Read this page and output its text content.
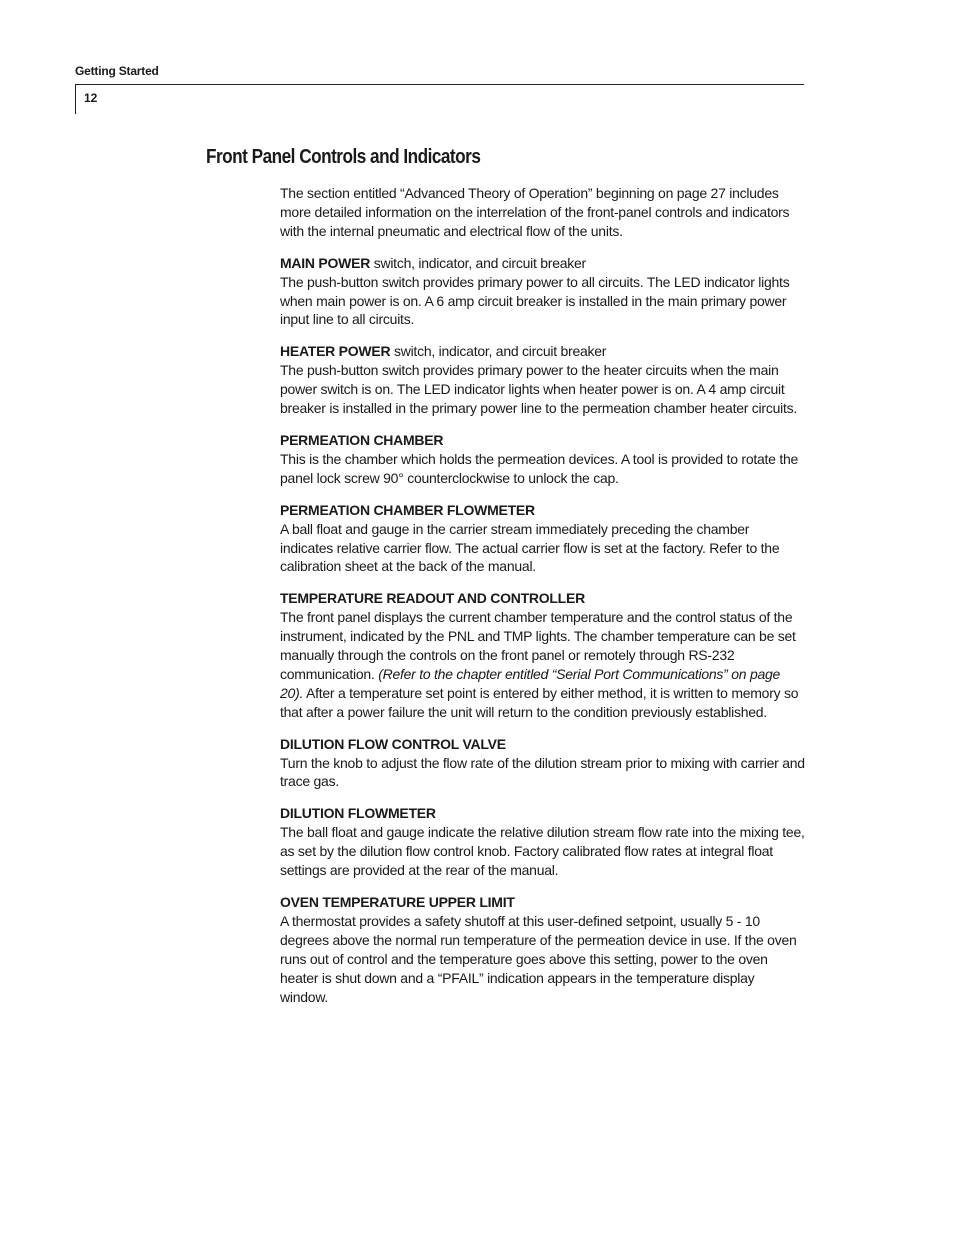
Getting Started
12
Front Panel Controls and Indicators

The section entitled “Advanced Theory of Operation” beginning on page 27 includes more detailed information on the interrelation of the front-panel controls and indicators with the internal pneumatic and electrical flow of the units.

MAIN POWER switch, indicator, and circuit breaker
The push-button switch provides primary power to all circuits. The LED indicator lights when main power is on. A 6 amp circuit breaker is installed in the main primary power input line to all circuits.
HEATER POWER switch, indicator, and circuit breaker
The push-button switch provides primary power to the heater circuits when the main power switch is on. The LED indicator lights when heater power is on. A 4 amp circuit breaker is installed in the primary power line to the permeation chamber heater circuits.
PERMEATION CHAMBER
This is the chamber which holds the permeation devices. A tool is provided to rotate the panel lock screw 90° counterclockwise to unlock the cap.
PERMEATION CHAMBER FLOWMETER
A ball float and gauge in the carrier stream immediately preceding the chamber indicates relative carrier flow. The actual carrier flow is set at the factory. Refer to the calibration sheet at the back of the manual.
TEMPERATURE READOUT AND CONTROLLER
The front panel displays the current chamber temperature and the control status of the instrument, indicated by the PNL and TMP lights. The chamber temperature can be set manually through the controls on the front panel or remotely through RS-232 communication. (Refer to the chapter entitled “Serial Port Communications” on page 20). After a temperature set point is entered by either method, it is written to memory so that after a power failure the unit will return to the condition previously established.
DILUTION FLOW CONTROL VALVE
Turn the knob to adjust the flow rate of the dilution stream prior to mixing with carrier and trace gas.
DILUTION FLOWMETER
The ball float and gauge indicate the relative dilution stream flow rate into the mixing tee, as set by the dilution flow control knob. Factory calibrated flow rates at integral float settings are provided at the rear of the manual.
OVEN TEMPERATURE UPPER LIMIT
A thermostat provides a safety shutoff at this user-defined setpoint, usually 5 - 10 degrees above the normal run temperature of the permeation device in use. If the oven runs out of control and the temperature goes above this setting, power to the oven heater is shut down and a “PFAIL” indication appears in the temperature display window.
